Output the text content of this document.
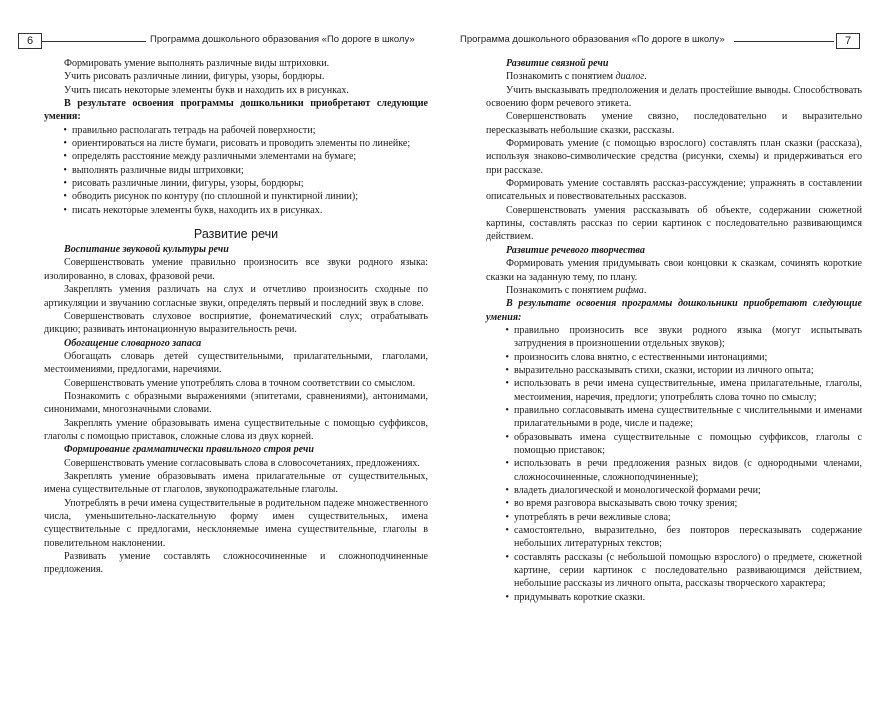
6	Программа дошкольного образования «По дороге в школу»

Формировать умение выполнять различные виды штриховки.

Учить рисовать различные линии, фигуры, узоры, бордюры.

Учить писать некоторые элементы букв и находить их в рисунках.

В результате освоения программы дошкольники приобретают следующие умения:

• правильно располагать тетрадь на рабочей поверхности;
• ориентироваться на листе бумаги, рисовать и проводить элементы по линейке;
• определять расстояние между различными элементами на бумаге;
• выполнять различные виды штриховки;
• рисовать различные линии, фигуры, узоры, бордюры;
• обводить рисунок по контуру (по сплошной и пунктирной линии);
• писать некоторые элементы букв, находить их в рисунках.
Развитие речи

Воспитание звуковой культуры речи

Совершенствовать умение правильно произносить все звуки родного языка: изолированно, в словах, фразовой речи.

Закреплять умения различать на слух и отчетливо произносить сходные по артикуляции и звучанию согласные звуки, определять первый и последний звук в слове.

Совершенствовать слуховое восприятие, фонематический слух; отрабатывать дикцию; развивать интонационную выразительность речи.

Обогащение словарного запаса

Обогащать словарь детей существительными, прилагательными, глаголами, местоимениями, предлогами, наречиями.

Совершенствовать умение употреблять слова в точном соответствии со смыслом.

Познакомить с образными выражениями (эпитетами, сравнениями), антонимами, синонимами, многозначными словами.

Закреплять умение образовывать имена существительные с помощью суффиксов, глаголы с помощью приставок, сложные слова из двух корней.

Формирование грамматически правильного строя речи

Совершенствовать умение согласовывать слова в словосочетаниях, предложениях.

Закреплять умение образовывать имена прилагательные от существительных, имена существительные от глаголов, звукоподражательные глаголы.

Употреблять в речи имена существительные в родительном падеже множественного числа, уменьшительно-ласкательную форму имен существительных, имена существительные с предлогами, несклоняемые имена существительные, глаголы в повелительном наклонении.

Развивать умение составлять сложносочиненные и сложноподчиненные предложения.

Программа дошкольного образования «По дороге в школу»	7

Развитие связной речи

Познакомить с понятием диалог.

Учить высказывать предположения и делать простейшие выводы. Способствовать освоению форм речевого этикета.

Совершенствовать умение связно, последовательно и выразительно пересказывать небольшие сказки, рассказы.

Формировать умение (с помощью взрослого) составлять план сказки (рассказа), используя знаково-символические средства (рисунки, схемы) и придерживаться его при рассказе.

Формировать умение составлять рассказ-рассуждение; упражнять в составлении описательных и повествовательных рассказов.

Совершенствовать умения рассказывать об объекте, содержании сюжетной картины, составлять рассказ по серии картинок с последовательно развивающимся действием.

Развитие речевого творчества

Формировать умения придумывать свои концовки к сказкам, сочинять короткие сказки на заданную тему, по плану.

Познакомить с понятием рифма.

В результате освоения программы дошкольники приобретают следующие умения:

• правильно произносить все звуки родного языка (могут испытывать затруднения в произношении отдельных звуков);
• произносить слова внятно, с естественными интонациями;
• выразительно рассказывать стихи, сказки, истории из личного опыта;
• использовать в речи имена существительные, имена прилагательные, глаголы, местоимения, наречия, предлоги; употреблять слова точно по смыслу;
• правильно согласовывать имена существительные с числительными и именами прилагательными в роде, числе и падеже;
• образовывать имена существительные с помощью суффиксов, глаголы с помощью приставок;
• использовать в речи предложения разных видов (с однородными членами, сложносочиненные, сложноподчиненные);
• владеть диалогической и монологической формами речи;
• во время разговора высказывать свою точку зрения;
• употреблять в речи вежливые слова;
• самостоятельно, выразительно, без повторов пересказывать содержание небольших литературных текстов;
• составлять рассказы (с небольшой помощью взрослого) о предмете, сюжетной картине, серии картинок с последовательно развивающимся действием, небольшие рассказы из личного опыта, рассказы творческого характера;
• придумывать короткие сказки.
